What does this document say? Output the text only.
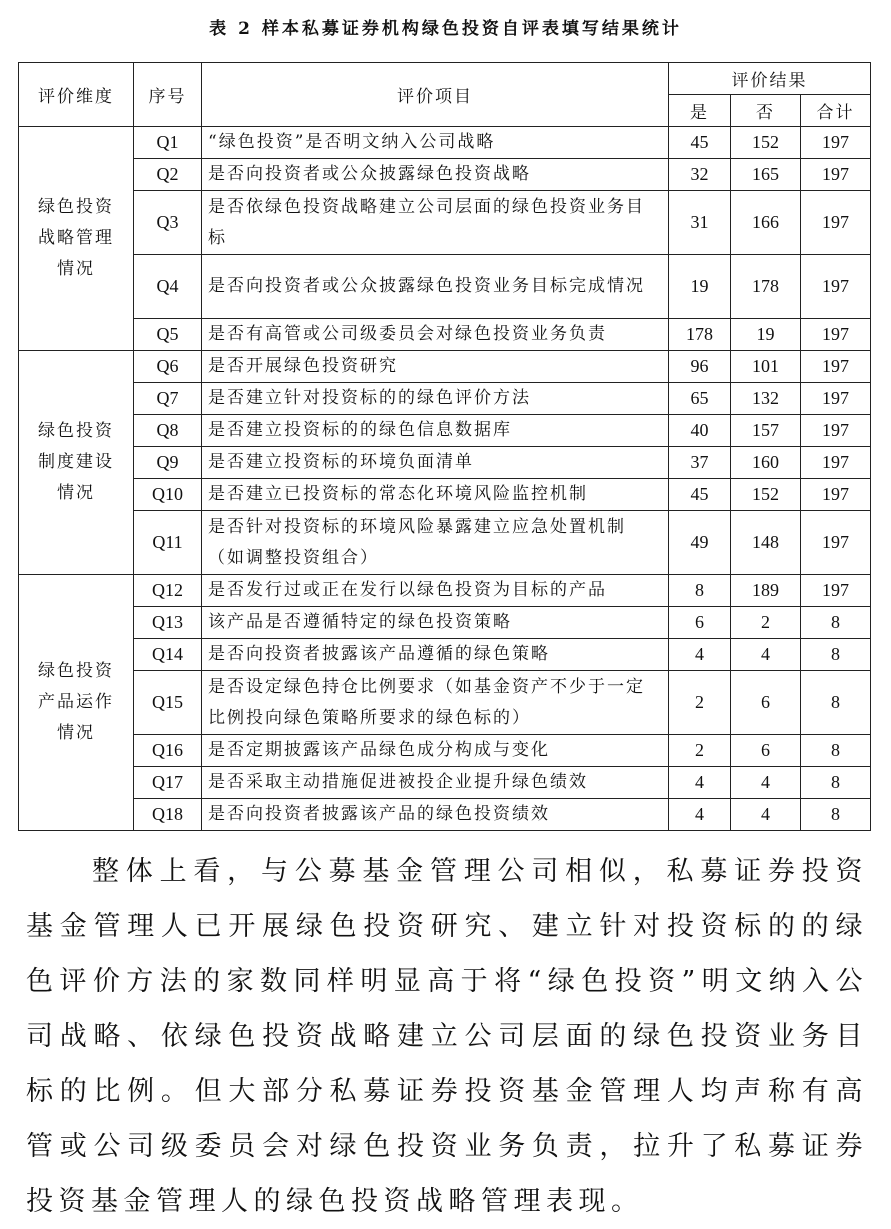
表 2 样本私募证券机构绿色投资自评表填写结果统计
评价维度	序号	评价项目	评价结果		
			是	否	合计
绿色投资战略管理情况	Q1	“绿色投资”是否明文纳入公司战略	45	152	197
	Q2	是否向投资者或公众披露绿色投资战略	32	165	197
	Q3	是否依绿色投资战略建立公司层面的绿色投资业务目标	31	166	197
	Q4	是否向投资者或公众披露绿色投资业务目标完成情况	19	178	197
	Q5	是否有高管或公司级委员会对绿色投资业务负责	178	19	197
绿色投资制度建设情况	Q6	是否开展绿色投资研究	96	101	197
	Q7	是否建立针对投资标的的绿色评价方法	65	132	197
	Q8	是否建立投资标的的绿色信息数据库	40	157	197
	Q9	是否建立投资标的环境负面清单	37	160	197
	Q10	是否建立已投资标的常态化环境风险监控机制	45	152	197
	Q11	是否针对投资标的环境风险暴露建立应急处置机制（如调整投资组合）	49	148	197
绿色投资产品运作情况	Q12	是否发行过或正在发行以绿色投资为目标的产品	8	189	197
	Q13	该产品是否遵循特定的绿色投资策略	6	2	8
	Q14	是否向投资者披露该产品遵循的绿色策略	4	4	8
	Q15	是否设定绿色持仓比例要求（如基金资产不少于一定比例投向绿色策略所要求的绿色标的）	2	6	8
	Q16	是否定期披露该产品绿色成分构成与变化	2	6	8
	Q17	是否采取主动措施促进被投企业提升绿色绩效	4	4	8
	Q18	是否向投资者披露该产品的绿色投资绩效	4	4	8

整体上看，与公募基金管理公司相似，私募证券投资基金管理人已开展绿色投资研究、建立针对投资标的的绿色评价方法的家数同样明显高于将“绿色投资”明文纳入公司战略、依绿色投资战略建立公司层面的绿色投资业务目标的比例。但大部分私募证券投资基金管理人均声称有高管或公司级委员会对绿色投资业务负责，拉升了私募证券投资基金管理人的绿色投资战略管理表现。
